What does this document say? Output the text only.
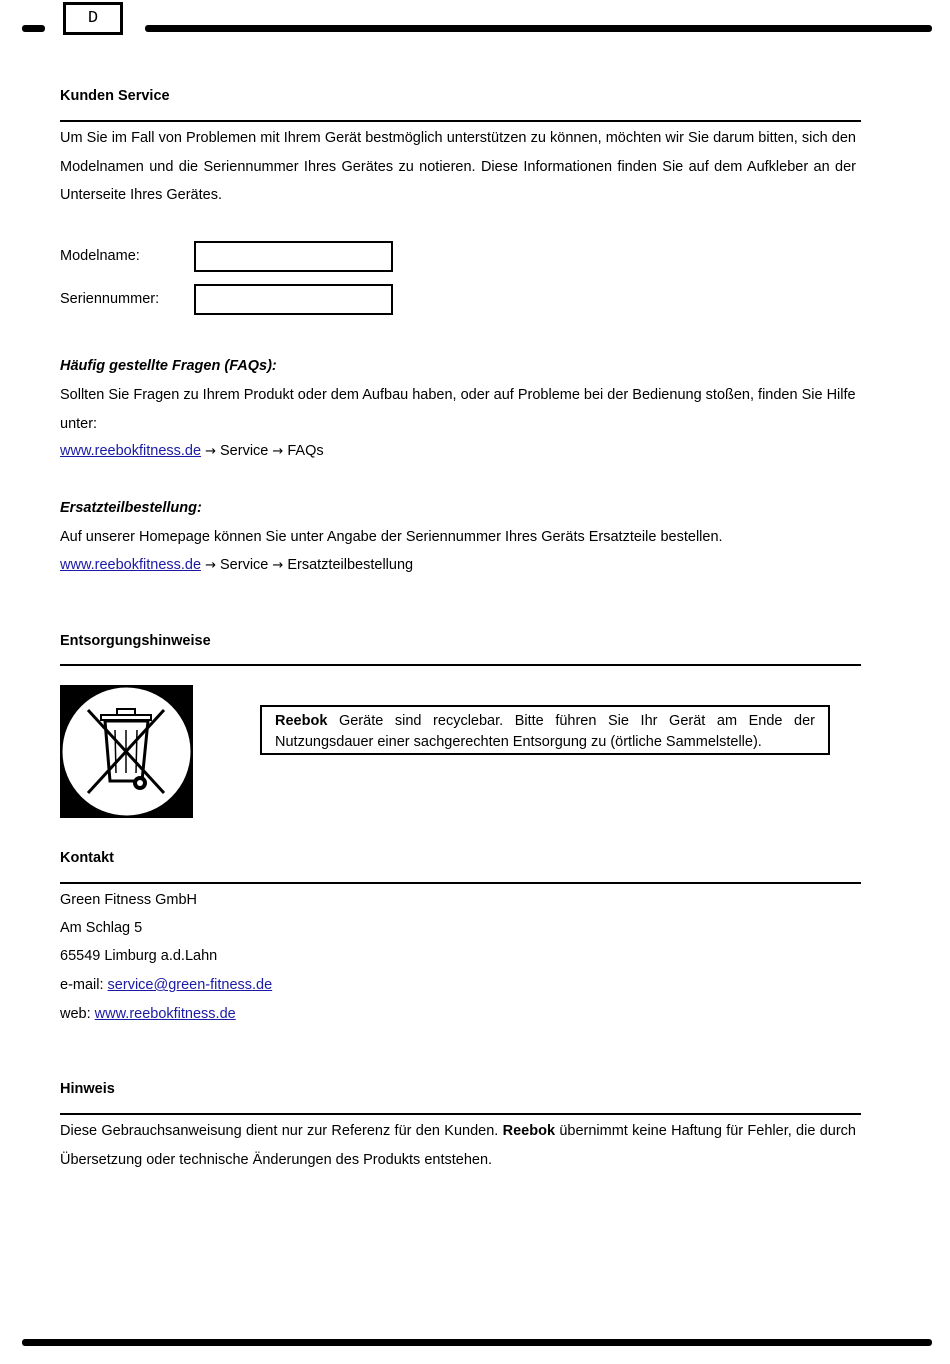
D
Kunden Service
Um Sie im Fall von Problemen mit Ihrem Gerät bestmöglich unterstützen zu können, möchten wir Sie darum bitten, sich den Modelnamen und die Seriennummer Ihres Gerätes zu notieren. Diese Informationen finden Sie auf dem Aufkleber an der Unterseite Ihres Gerätes.
Modelname:
Seriennummer:
Häufig gestellte Fragen (FAQs):
Sollten Sie Fragen zu Ihrem Produkt oder dem Aufbau haben, oder auf Probleme bei der Bedienung stoßen, finden Sie Hilfe unter:
www.reebokfitness.de → Service → FAQs
Ersatzteilbestellung:
Auf unserer Homepage können Sie unter Angabe der Seriennummer Ihres Geräts Ersatzteile bestellen.
www.reebokfitness.de → Service → Ersatzteilbestellung
Entsorgungshinweise
Reebok Geräte sind recyclebar. Bitte führen Sie Ihr Gerät am Ende der Nutzungsdauer einer sachgerechten Entsorgung zu (örtliche Sammelstelle).
Kontakt
Green Fitness GmbH
Am Schlag 5
65549 Limburg a.d.Lahn
e-mail: service@green-fitness.de
web: www.reebokfitness.de
Hinweis
Diese Gebrauchsanweisung dient nur zur Referenz für den Kunden. Reebok übernimmt keine Haftung für Fehler, die durch Übersetzung oder technische Änderungen des Produkts entstehen.
